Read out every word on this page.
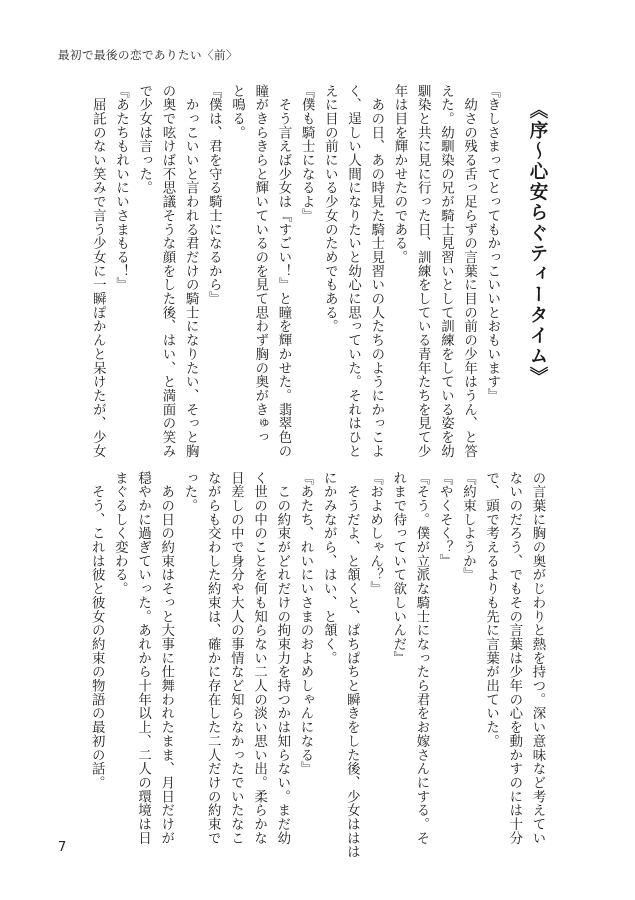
最初で最後の恋でありたい〈前〉

《序〜心安らぐティータイム》

『きしさまってとってもかっこいいとおもいます』

　幼さの残る舌っ足らずの言葉に目の前の少年はうん、と答

えた。幼馴染の兄が騎士見習いとして訓練をしている姿を幼

馴染と共に見に行った日、訓練をしている青年たちを見て少

年は目を輝かせたのである。

　あの日、あの時見た騎士見習いの人たちのようにかっこよ

く、逞しい人間になりたいと幼心に思っていた。それはひと

えに目の前にいる少女のためでもある。

『僕も騎士になるよ』

　そう言えば少女は『すごい！』と瞳を輝かせた。翡翠色の

瞳がきらきらと輝いているのを見て思わず胸の奥がきゅっ

と鳴る。

『僕は、君を守る騎士になるから』

　かっこいいと言われる君だけの騎士になりたい、そっと胸

の奥で呟けば不思議そうな顔をした後、はい、と満面の笑み

で少女は言った。

『あたちもれいにいさまもる！』

　屈託のない笑みで言う少女に一瞬ぽかんと呆けたが、少女

の言葉に胸の奥がじわりと熱を持つ。深い意味など考えてい

ないのだろう、でもその言葉は少年の心を動かすのには十分

で、頭で考えるよりも先に言葉が出ていた。

『約束しようか』

『やくそく？』

『そう。僕が立派な騎士になったら君をお嫁さんにする。そ

れまで待っていて欲しいんだ』

『およめしゃん？』

　そうだよ、と頷くと、ぱちぱちと瞬きをした後、少女ははは

にかみながら、はい、と頷く。

『あたち、れいにいさまのおよめしゃんになる』

　この約束がどれだけの拘束力を持つかは知らない。まだ幼

く世の中のことを何も知らない二人の淡い思い出。柔らかな

日差しの中で身分や大人の事情など知らなかったでいたなこ

ながらも交わした約束は、確かに存在した二人だけの約束で

った。

　あの日の約束はそっと大事に仕舞われたまま、月日だけが

穏やかに過ぎていった。あれから十年以上、二人の環境は日

まぐるしく変わる。

　そう、これは彼と彼女の約束の物語の最初の話。

7
